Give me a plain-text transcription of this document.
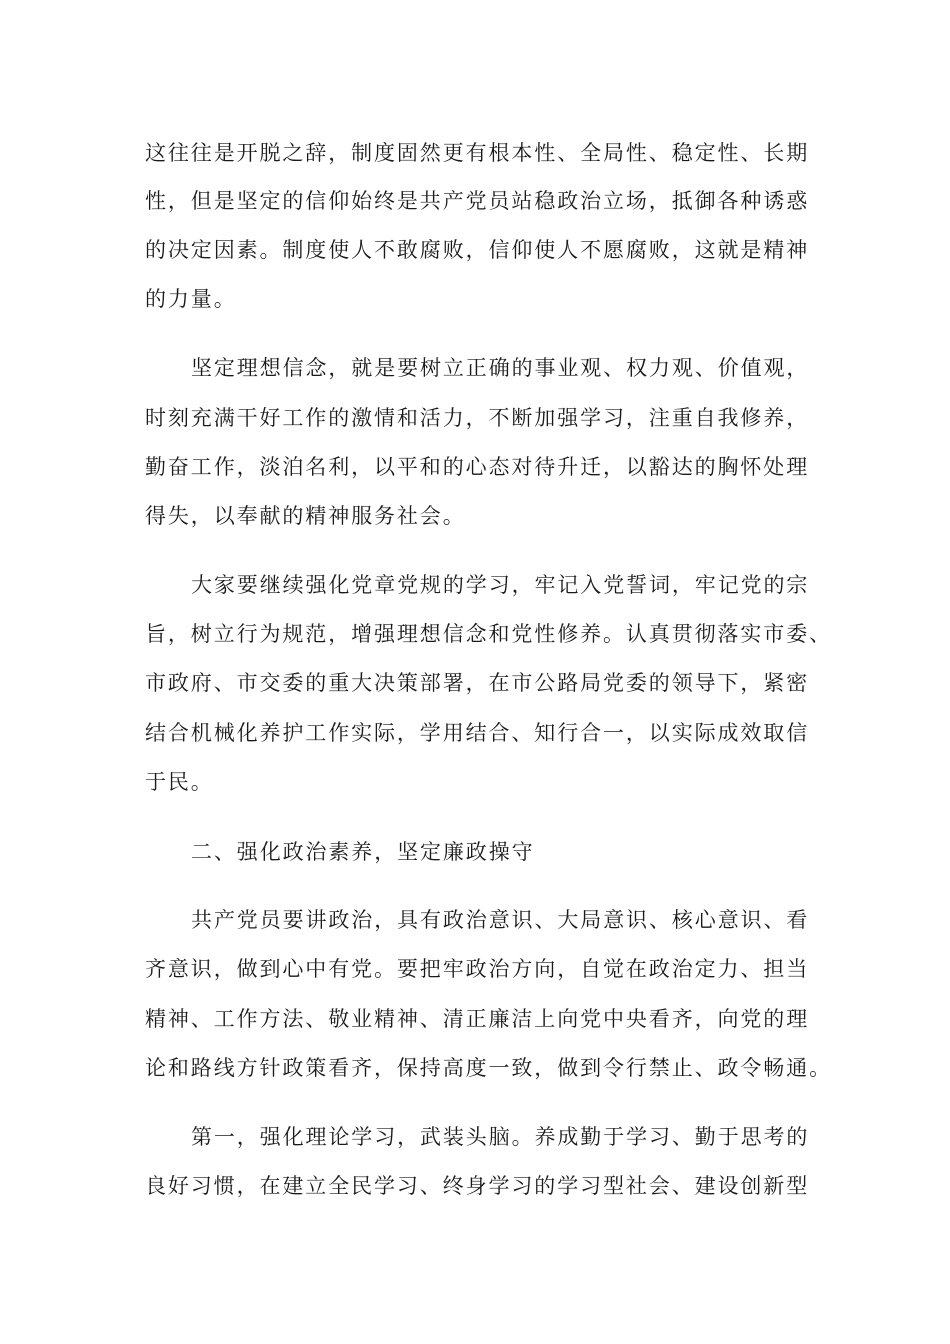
这往往是开脱之辞，制度固然更有根本性、全局性、稳定性、长期
性，但是坚定的信仰始终是共产党员站稳政治立场，抵御各种诱惑
的决定因素。制度使人不敢腐败，信仰使人不愿腐败，这就是精神
的力量。
坚定理想信念，就是要树立正确的事业观、权力观、价值观，
时刻充满干好工作的激情和活力，不断加强学习，注重自我修养，
勤奋工作，淡泊名利，以平和的心态对待升迁，以豁达的胸怀处理
得失，以奉献的精神服务社会。
大家要继续强化党章党规的学习，牢记入党誓词，牢记党的宗
旨，树立行为规范，增强理想信念和党性修养。认真贯彻落实市委、
市政府、市交委的重大决策部署，在市公路局党委的领导下，紧密
结合机械化养护工作实际，学用结合、知行合一，以实际成效取信
于民。
二、强化政治素养，坚定廉政操守
共产党员要讲政治，具有政治意识、大局意识、核心意识、看
齐意识，做到心中有党。要把牢政治方向，自觉在政治定力、担当
精神、工作方法、敬业精神、清正廉洁上向党中央看齐，向党的理
论和路线方针政策看齐，保持高度一致，做到令行禁止、政令畅通。
第一，强化理论学习，武装头脑。养成勤于学习、勤于思考的
良好习惯，在建立全民学习、终身学习的学习型社会、建设创新型
